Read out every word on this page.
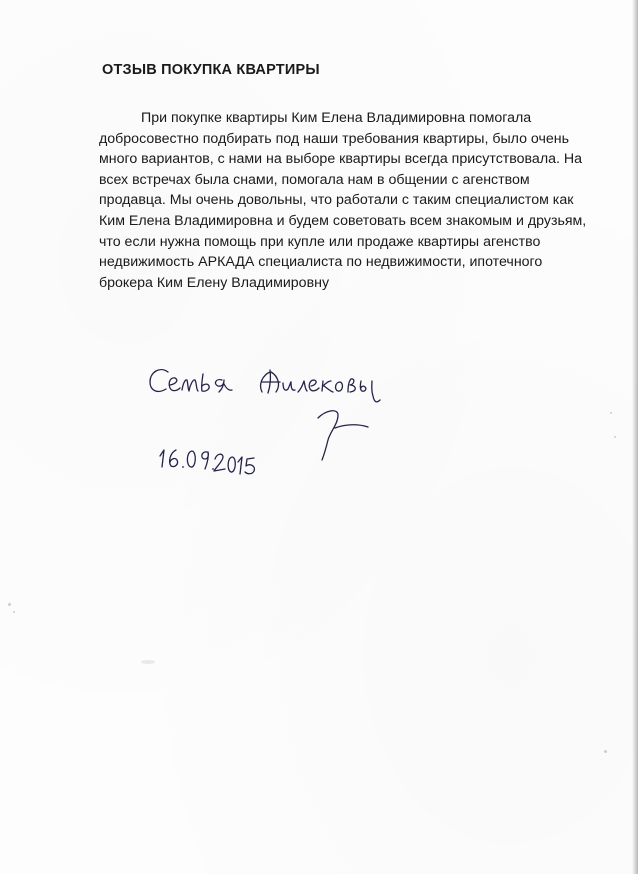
ОТЗЫВ ПОКУПКА КВАРТИРЫ

При покупке квартиры Ким Елена Владимировна помогала добросовестно подбирать под наши требования квартиры, было очень много вариантов, с нами на выборе квартиры всегда присутствовала. На всех встречах была снами, помогала нам в общении с агенством продавца. Мы очень довольны, что работали с таким специалистом как Ким Елена Владимировна и будем советовать всем знакомым и друзьям, что если нужна помощь при купле или продаже квартиры агенство недвижимость АРКАДА специалиста по недвижимости, ипотечного брокера Ким Елену Владимировну
